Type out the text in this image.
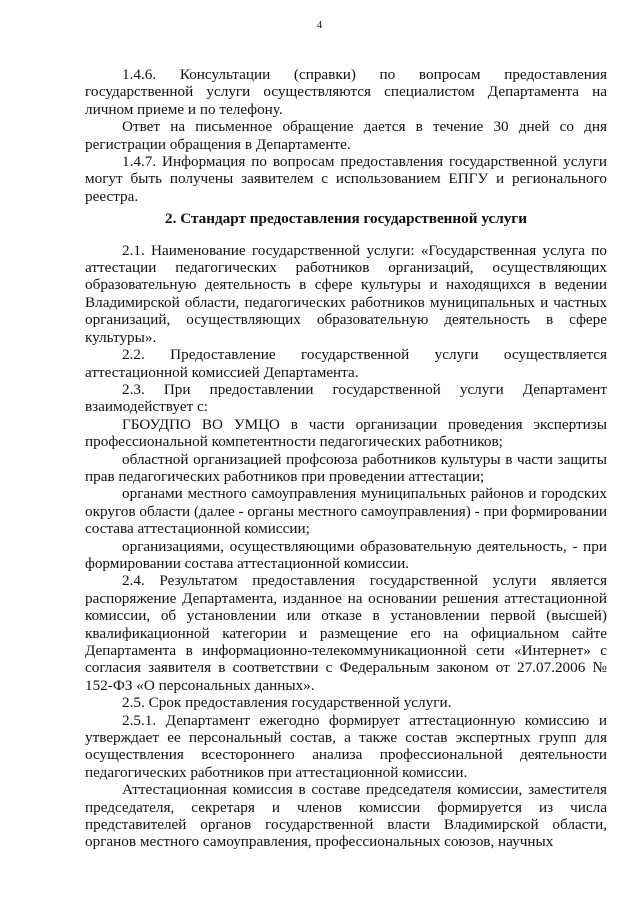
4

1.4.6. Консультации (справки) по вопросам предоставления государственной услуги осуществляются специалистом Департамента на личном приеме и по телефону.

Ответ на письменное обращение дается в течение 30 дней со дня регистрации обращения в Департаменте.

1.4.7. Информация по вопросам предоставления государственной услуги могут быть получены заявителем с использованием ЕПГУ и регионального реестра.

2. Стандарт предоставления государственной услуги

2.1. Наименование государственной услуги: «Государственная услуга по аттестации педагогических работников организаций, осуществляющих образовательную деятельность в сфере культуры и находящихся в ведении Владимирской области, педагогических работников муниципальных и частных организаций, осуществляющих образовательную деятельность в сфере культуры».

2.2. Предоставление государственной услуги осуществляется аттестационной комиссией Департамента.

2.3. При предоставлении государственной услуги Департамент взаимодействует с:

ГБОУДПО ВО УМЦО в части организации проведения экспертизы профессиональной компетентности педагогических работников;

областной организацией профсоюза работников культуры в части защиты прав педагогических работников при проведении аттестации;

органами местного самоуправления муниципальных районов и городских округов области (далее - органы местного самоуправления) - при формировании состава аттестационной комиссии;

организациями, осуществляющими образовательную деятельность, - при формировании состава аттестационной комиссии.

2.4. Результатом предоставления государственной услуги является распоряжение Департамента, изданное на основании решения аттестационной комиссии, об установлении или отказе в установлении первой (высшей) квалификационной категории и размещение его на официальном сайте Департамента в информационно-телекоммуникационной сети «Интернет» с согласия заявителя в соответствии с Федеральным законом от 27.07.2006 № 152-ФЗ «О персональных данных».

2.5. Срок предоставления государственной услуги.

2.5.1. Департамент ежегодно формирует аттестационную комиссию и утверждает ее персональный состав, а также состав экспертных групп для осуществления всестороннего анализа профессиональной деятельности педагогических работников при аттестационной комиссии.

Аттестационная комиссия в составе председателя комиссии, заместителя председателя, секретаря и членов комиссии формируется из числа представителей органов государственной власти Владимирской области, органов местного самоуправления, профессиональных союзов, научных
